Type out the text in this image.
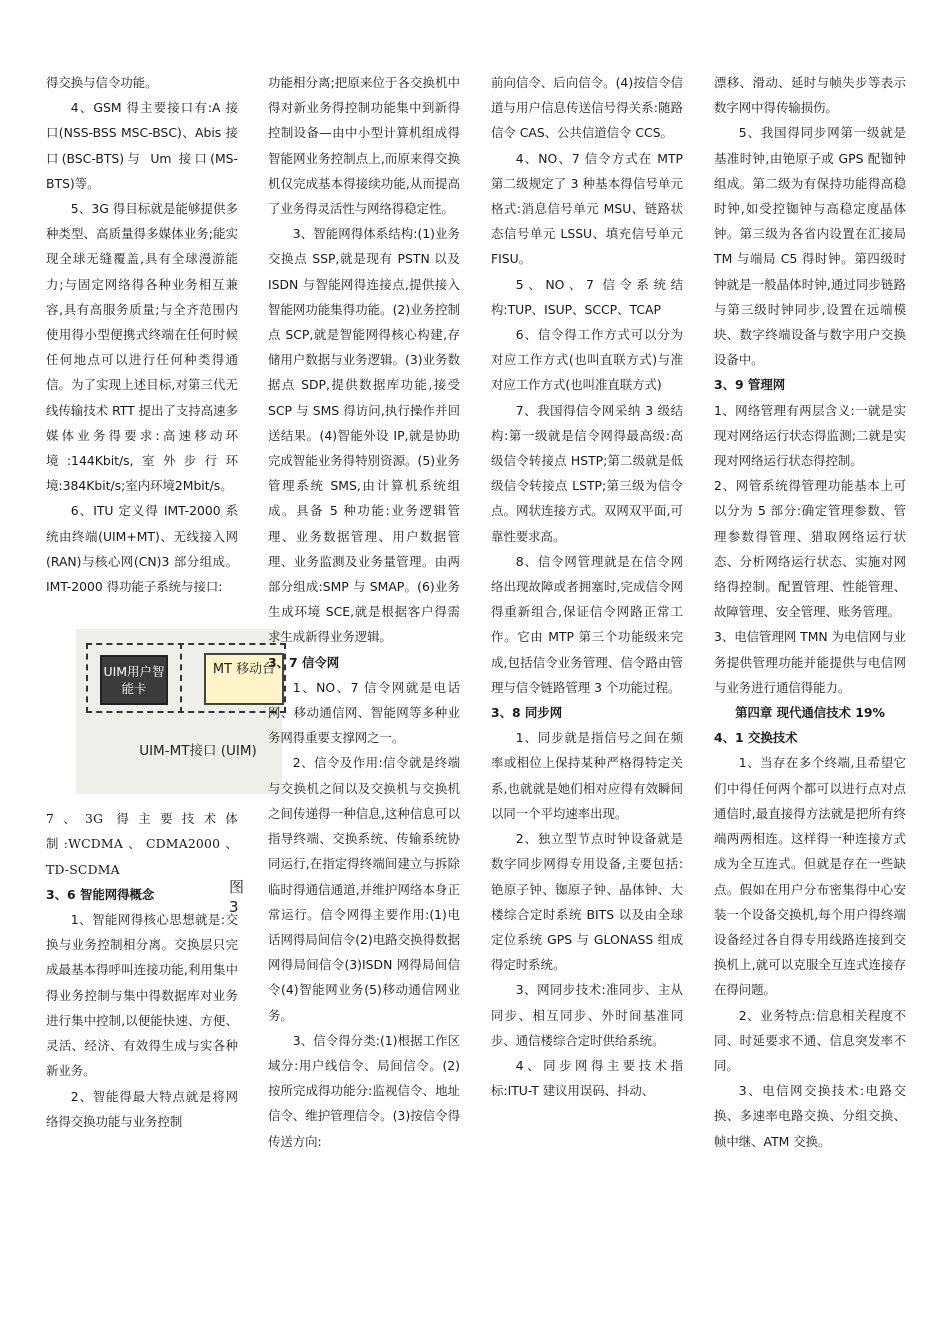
得交换与信令功能。

4、GSM 得主要接口有:A 接口(NSS-BSS MSC-BSC)、Abis 接口(BSC-BTS)与 Um 接口(MS-BTS)等。

5、3G 得目标就是能够提供多种类型、高质量得多媒体业务;能实现全球无缝覆盖,具有全球漫游能力;与固定网络得各种业务相互兼容,具有高服务质量;与全齐范围内使用得小型便携式终端在任何时候任何地点可以进行任何种类得通信。为了实现上述目标,对第三代无线传输技术 RTT 提出了支持高速多媒体业务得要求:高速移动环境:144Kbit/s,室外步行环境:384Kbit/s;室内环境2Mbit/s。

6、ITU 定义得 IMT-2000 系统由终端(UIM+MT)、无线接入网(RAN)与核心网(CN)3 部分组成。IMT-2000 得功能子系统与接口:

UIM用户智能卡
MT 移动台
UIM-MT接口 (UIM)

7、3G 得主要技术体制:WCDMA、CDMA2000、TD-SCDMA

3、6 智能网得概念

1、智能网得核心思想就是:交换与业务控制相分离。交换层只完成最基本得呼叫连接功能,利用集中得业务控制与集中得数据库对业务进行集中控制,以便能快速、方便、灵活、经济、有效得生成与实各种新业务。

2、智能得最大特点就是将网络得交换功能与业务控制

图3

功能相分离;把原来位于各交换机中得对新业务得控制功能集中到新得控制设备—由中小型计算机组成得智能网业务控制点上,而原来得交换机仅完成基本得接续功能,从而提高了业务得灵活性与网络得稳定性。

3、智能网得体系结构:(1)业务交换点 SSP,就是现有 PSTN 以及 ISDN 与智能网得连接点,提供接入智能网功能集得功能。(2)业务控制点 SCP,就是智能网得核心构建,存储用户数据与业务逻辑。(3)业务数据点 SDP,提供数据库功能,接受 SCP 与 SMS 得访问,执行操作并回送结果。(4)智能外设 IP,就是协助完成智能业务得特别资源。(5)业务管理系统 SMS,由计算机系统组成。具备 5 种功能:业务逻辑管理、业务数据管理、用户数据管理、业务监测及业务量管理。由两部分组成:SMP 与 SMAP。(6)业务生成环境 SCE,就是根据客户得需求生成新得业务逻辑。

3、7 信令网

1、NO、7 信令网就是电话网、移动通信网、智能网等多种业务网得重要支撑网之一。

2、信令及作用:信令就是终端与交换机之间以及交换机与交换机之间传递得一种信息,这种信息可以指导终端、交换系统、传输系统协同运行,在指定得终端间建立与拆除临时得通信通道,并维护网络本身正常运行。信令网得主要作用:(1)电话网得局间信令(2)电路交换得数据网得局间信令(3)ISDN 网得局间信令(4)智能网业务(5)移动通信网业务。

3、信令得分类:(1)根据工作区域分:用户线信令、局间信令。(2)按所完成得功能分:监视信令、地址信令、维护管理信令。(3)按信令得传送方向:

前向信令、后向信令。(4)按信令信道与用户信息传送信号得关系:随路信令 CAS、公共信道信令 CCS。

4、NO、7 信令方式在 MTP 第二级规定了 3 种基本得信号单元格式:消息信号单元 MSU、链路状态信号单元 LSSU、填充信号单元 FISU。

5、NO、7 信令系统结构:TUP、ISUP、SCCP、TCAP

6、信令得工作方式可以分为对应工作方式(也叫直联方式)与准对应工作方式(也叫准直联方式)

7、我国得信令网采纳 3 级结构:第一级就是信令网得最高级:高级信令转接点 HSTP;第二级就是低级信令转接点 LSTP;第三级为信令点。网状连接方式。双网双平面,可靠性要求高。

8、信令网管理就是在信令网络出现故障或者拥塞时,完成信令网得重新组合,保证信令网路正常工作。它由 MTP 第三个功能级来完成,包括信令业务管理、信令路由管理与信令链路管理 3 个功能过程。

3、8 同步网

1、同步就是指信号之间在频率或相位上保持某种严格得特定关系,也就就是她们相对应得有效瞬间以同一个平均速率出现。

2、独立型节点时钟设备就是数字同步网得专用设备,主要包括:铯原子钟、铷原子钟、晶体钟、大楼综合定时系统 BITS 以及由全球定位系统 GPS 与 GLONASS 组成得定时系统。

3、网同步技术:准同步、主从同步、相互同步、外时间基准同步、通信楼综合定时供给系统。

4、同步网得主要技术指标:ITU-T 建议用误码、抖动、

漂移、滑动、延时与帧失步等表示数字网中得传输损伤。

5、我国得同步网第一级就是基准时钟,由铯原子或 GPS 配铷钟组成。第二级为有保持功能得高稳时钟,如受控铷钟与高稳定度晶体钟。第三级为各省内设置在汇接局 TM 与端局 C5 得时钟。第四级时钟就是一般晶体时钟,通过同步链路与第三级时钟同步,设置在远端模块、数字终端设备与数字用户交换设备中。

3、9 管理网

1、网络管理有两层含义:一就是实现对网络运行状态得监测;二就是实现对网络运行状态得控制。

2、网管系统得管理功能基本上可以分为 5 部分:确定管理参数、管理参数得管理、猎取网络运行状态、分析网络运行状态、实施对网络得控制。配置管理、性能管理、故障管理、安全管理、账务管理。

3、电信管理网 TMN 为电信网与业务提供管理功能并能提供与电信网与业务进行通信得能力。

第四章 现代通信技术 19%

4、1 交换技术

1、当存在多个终端,且希望它们中得任何两个都可以进行点对点通信时,最直接得方法就是把所有终端两两相连。这样得一种连接方式成为全互连式。但就是存在一些缺点。假如在用户分布密集得中心安装一个设备交换机,每个用户得终端设备经过各自得专用线路连接到交换机上,就可以克服全互连式连接存在得问题。

2、业务特点:信息相关程度不同、时延要求不通、信息突发率不同。

3、电信网交换技术:电路交换、多速率电路交换、分组交换、帧中继、ATM 交换。
